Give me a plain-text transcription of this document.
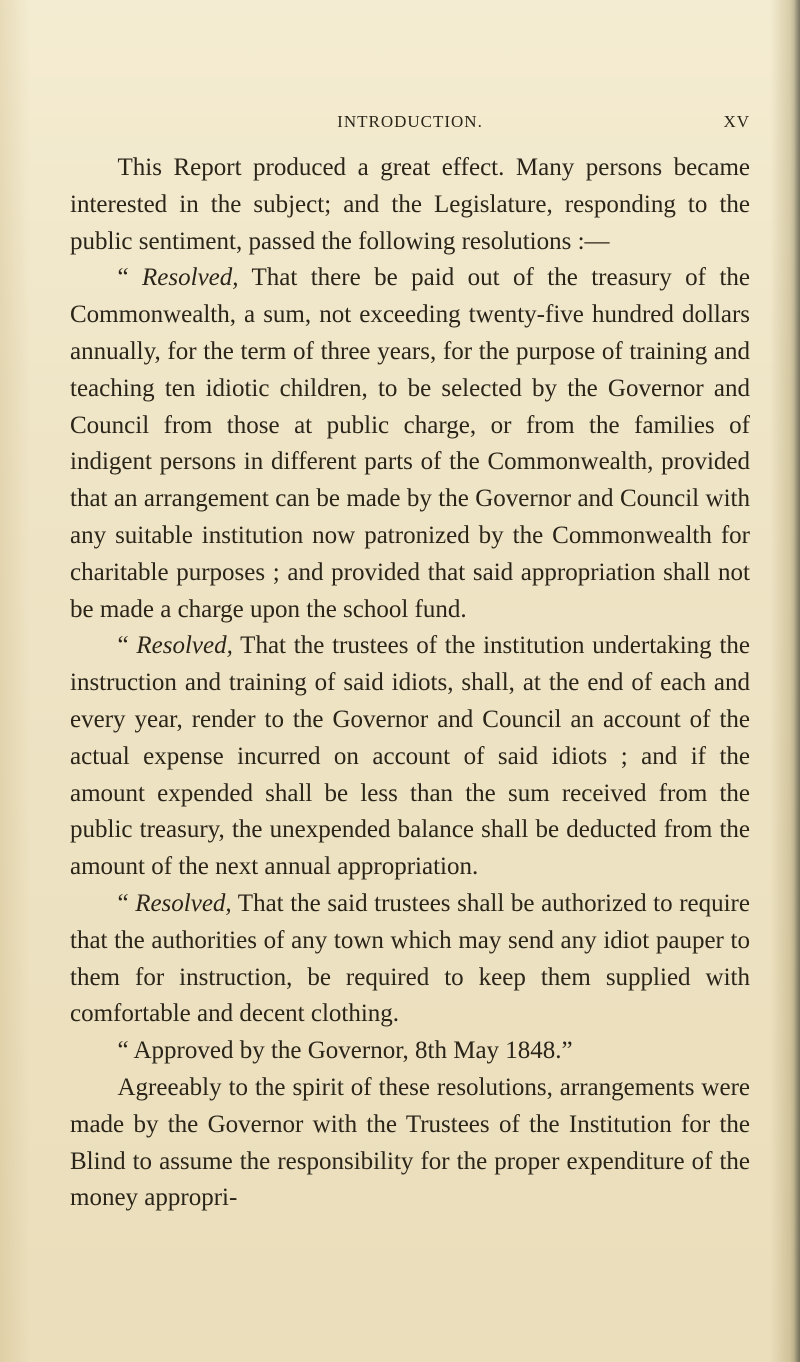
INTRODUCTION.	XV

This Report produced a great effect. Many persons became interested in the subject; and the Legislature, responding to the public sentiment, passed the following resolutions :—

“ Resolved, That there be paid out of the treasury of the Commonwealth, a sum, not exceeding twenty-five hundred dollars annually, for the term of three years, for the purpose of training and teaching ten idiotic children, to be selected by the Governor and Council from those at public charge, or from the families of indigent persons in different parts of the Commonwealth, provided that an arrangement can be made by the Governor and Council with any suitable institution now patronized by the Commonwealth for charitable purposes ; and provided that said appropriation shall not be made a charge upon the school fund.

“ Resolved, That the trustees of the institution undertaking the instruction and training of said idiots, shall, at the end of each and every year, render to the Governor and Council an account of the actual expense incurred on account of said idiots ; and if the amount expended shall be less than the sum received from the public treasury, the unexpended balance shall be deducted from the amount of the next annual appropriation.

“ Resolved, That the said trustees shall be authorized to require that the authorities of any town which may send any idiot pauper to them for instruction, be required to keep them supplied with comfortable and decent clothing.

“ Approved by the Governor, 8th May 1848.”

Agreeably to the spirit of these resolutions, arrangements were made by the Governor with the Trustees of the Institution for the Blind to assume the responsibility for the proper expenditure of the money appropri-
